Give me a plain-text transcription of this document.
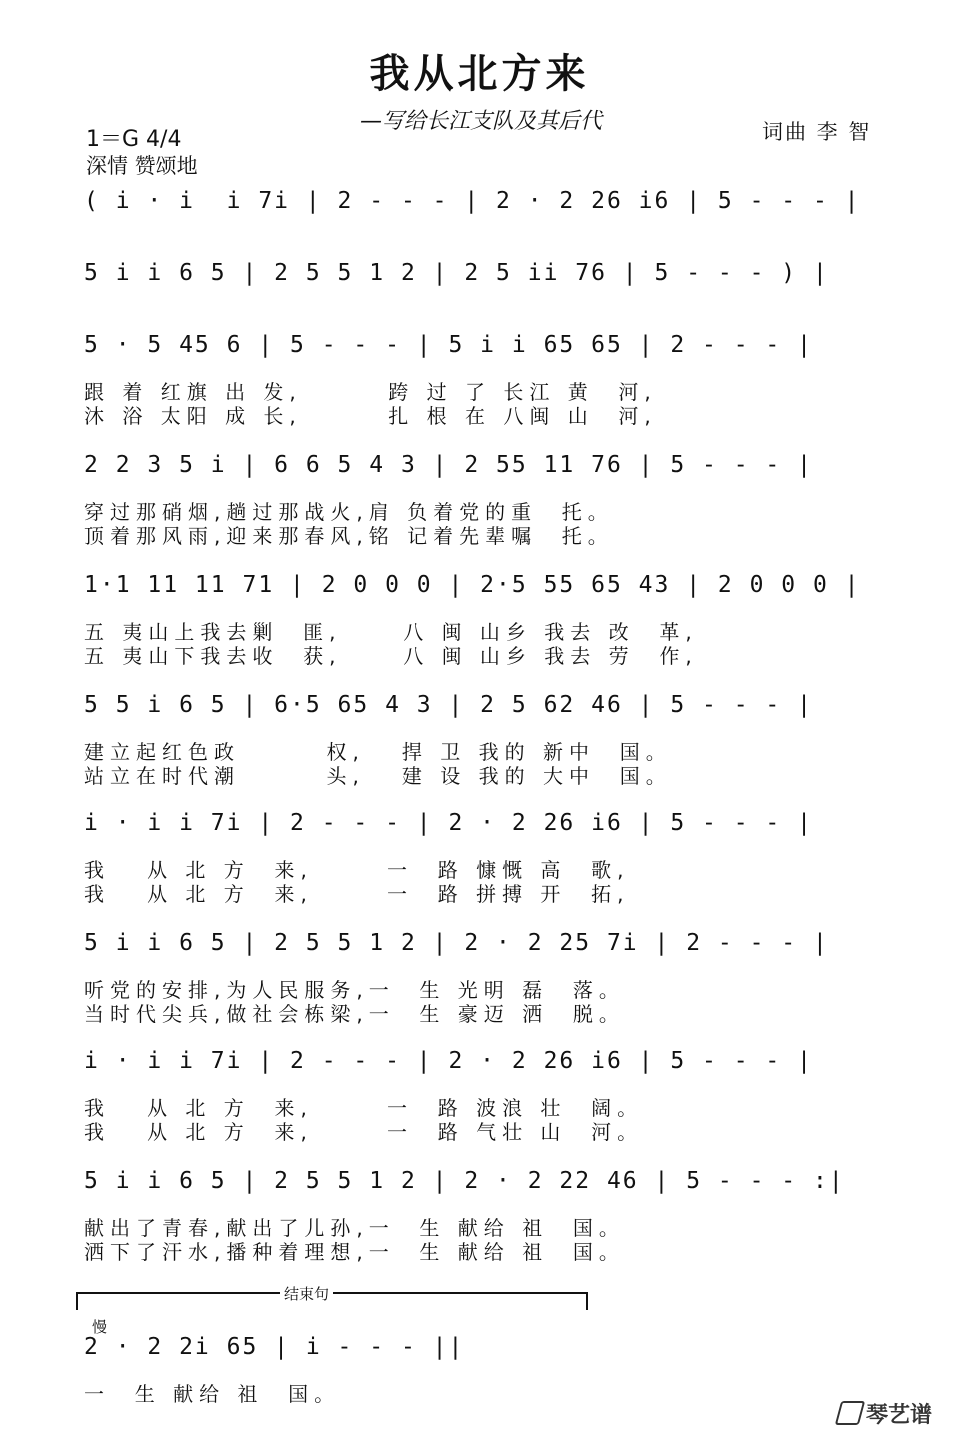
我从北方来
—写给长江支队及其后代	词曲 李 智
1＝G 4/4
深情 赞颂地
( i · i  i 7i | 2 - - - | 2 · 2 26 i6 | 5 - - - |
5 i i 6 5 | 2 5 5 1 2 | 2 5 ii 76 | 5 - - - ) |
5 · 5 45 6 | 5 - - - | 5 i i 65 65 | 2 - - - |
跟 着 红旗 出 发,       跨 过 了 长江 黄  河,
沐 浴 太阳 成 长,       扎 根 在 八闽 山  河,
2 2 3 5 i | 6 6 5 4 3 | 2 55 11 76 | 5 - - - |
穿过那硝烟,趟过那战火,肩 负着党的重  托。
顶着那风雨,迎来那春风,铭 记着先辈嘱  托。
1·1 11 11 71 | 2 0 0 0 | 2·5 55 65 43 | 2 0 0 0 |
五 夷山上我去剿  匪,     八 闽 山乡 我去 改  革,
五 夷山下我去收  获,     八 闽 山乡 我去 劳  作,
5 5 i 6 5 | 6·5 65 4 3 | 2 5 62 46 | 5 - - - |
建立起红色政       权,   捍 卫 我的 新中  国。
站立在时代潮       头,   建 设 我的 大中  国。
i · i i 7i | 2 - - - | 2 · 2 26 i6 | 5 - - - |
我   从 北 方  来,      一  路 慷慨 高  歌,
我   从 北 方  来,      一  路 拼搏 开  拓,
5 i i 6 5 | 2 5 5 1 2 | 2 · 2 25 7i | 2 - - - |
听党的安排,为人民服务,一  生 光明 磊  落。
当时代尖兵,做社会栋梁,一  生 豪迈 洒  脱。
i · i i 7i | 2 - - - | 2 · 2 26 i6 | 5 - - - |
我   从 北 方  来,      一  路 波浪 壮  阔。
我   从 北 方  来,      一  路 气壮 山  河。
5 i i 6 5 | 2 5 5 1 2 | 2 · 2 22 46 | 5 - - - :|
献出了青春,献出了儿孙,一  生 献给 祖  国。
洒下了汗水,播种着理想,一  生 献给 祖  国。
2 · 2 2i 65 | i - - - ||
一  生 献给 祖  国。
结束句
慢
琴艺谱
